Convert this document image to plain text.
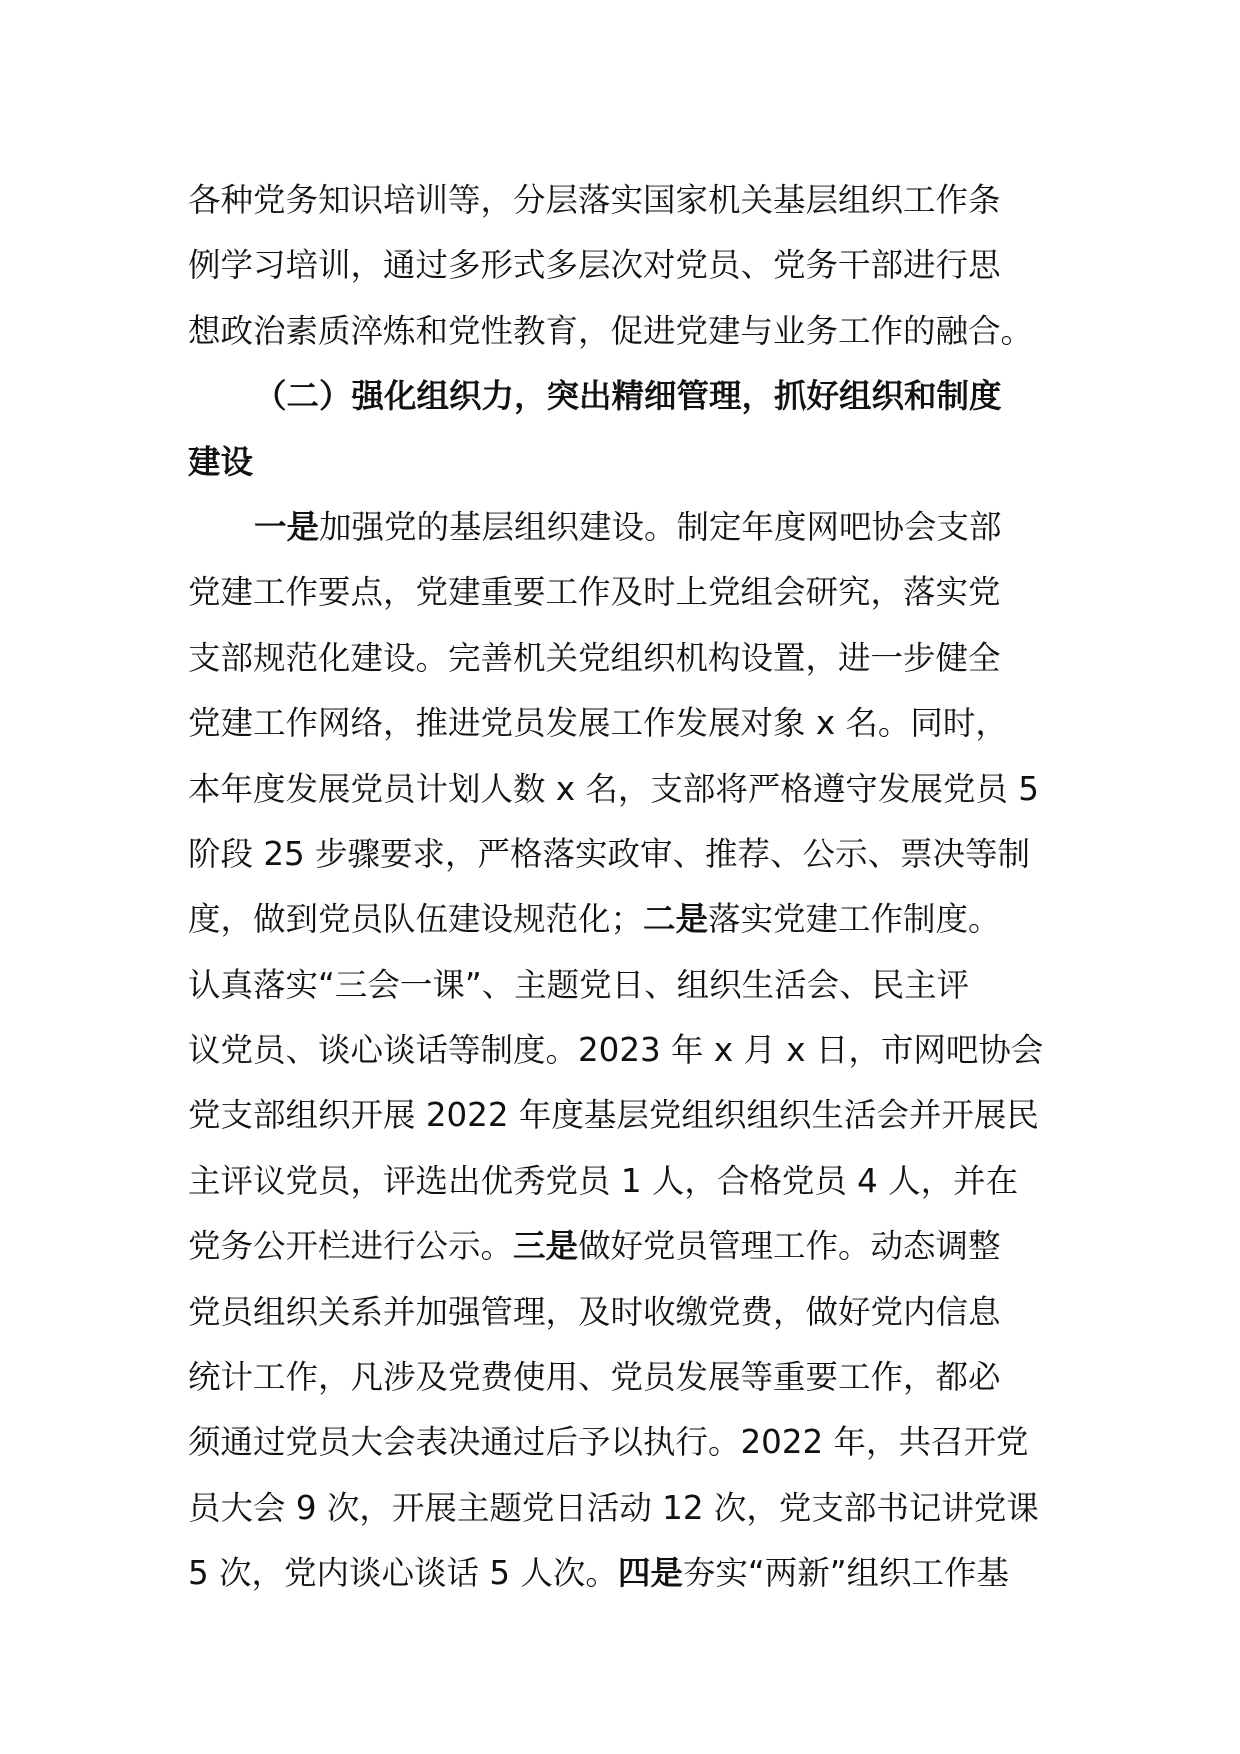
各种党务知识培训等，分层落实国家机关基层组织工作条
例学习培训，通过多形式多层次对党员、党务干部进行思
想政治素质淬炼和党性教育，促进党建与业务工作的融合。
（二）强化组织力，突出精细管理，抓好组织和制度
建设
一是加强党的基层组织建设。制定年度网吧协会支部
党建工作要点，党建重要工作及时上党组会研究，落实党
支部规范化建设。完善机关党组织机构设置，进一步健全
党建工作网络，推进党员发展工作发展对象 x 名。同时，
本年度发展党员计划人数 x 名，支部将严格遵守发展党员 5
阶段 25 步骤要求，严格落实政审、推荐、公示、票决等制
度，做到党员队伍建设规范化；二是落实党建工作制度。
认真落实“三会一课”、主题党日、组织生活会、民主评
议党员、谈心谈话等制度。2023 年 x 月 x 日，市网吧协会
党支部组织开展 2022 年度基层党组织组织生活会并开展民
主评议党员，评选出优秀党员 1 人，合格党员 4 人，并在
党务公开栏进行公示。三是做好党员管理工作。动态调整
党员组织关系并加强管理，及时收缴党费，做好党内信息
统计工作，凡涉及党费使用、党员发展等重要工作，都必
须通过党员大会表决通过后予以执行。2022 年，共召开党
员大会 9 次，开展主题党日活动 12 次，党支部书记讲党课
5 次，党内谈心谈话 5 人次。四是夯实“两新”组织工作基
